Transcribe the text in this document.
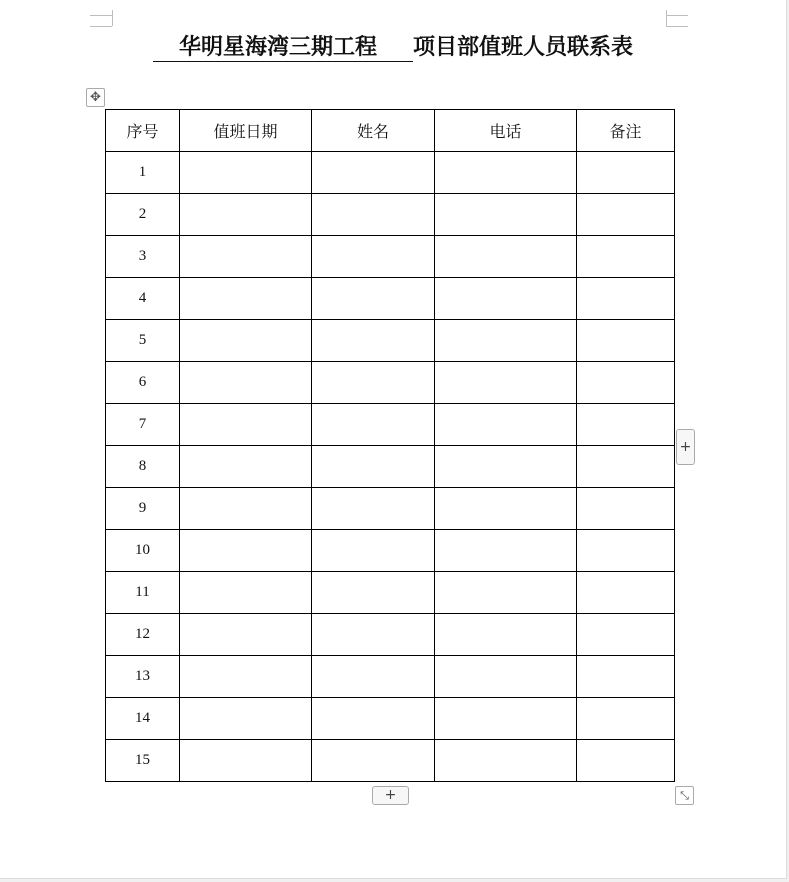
华明星海湾三期工程 项目部值班人员联系表
✥
序号	值班日期	姓名	电话	备注
1				
2				
3				
4				
5				
6				
7				
8				
9				
10				
11				
12				
13				
14				
15				
+
+	⤡
